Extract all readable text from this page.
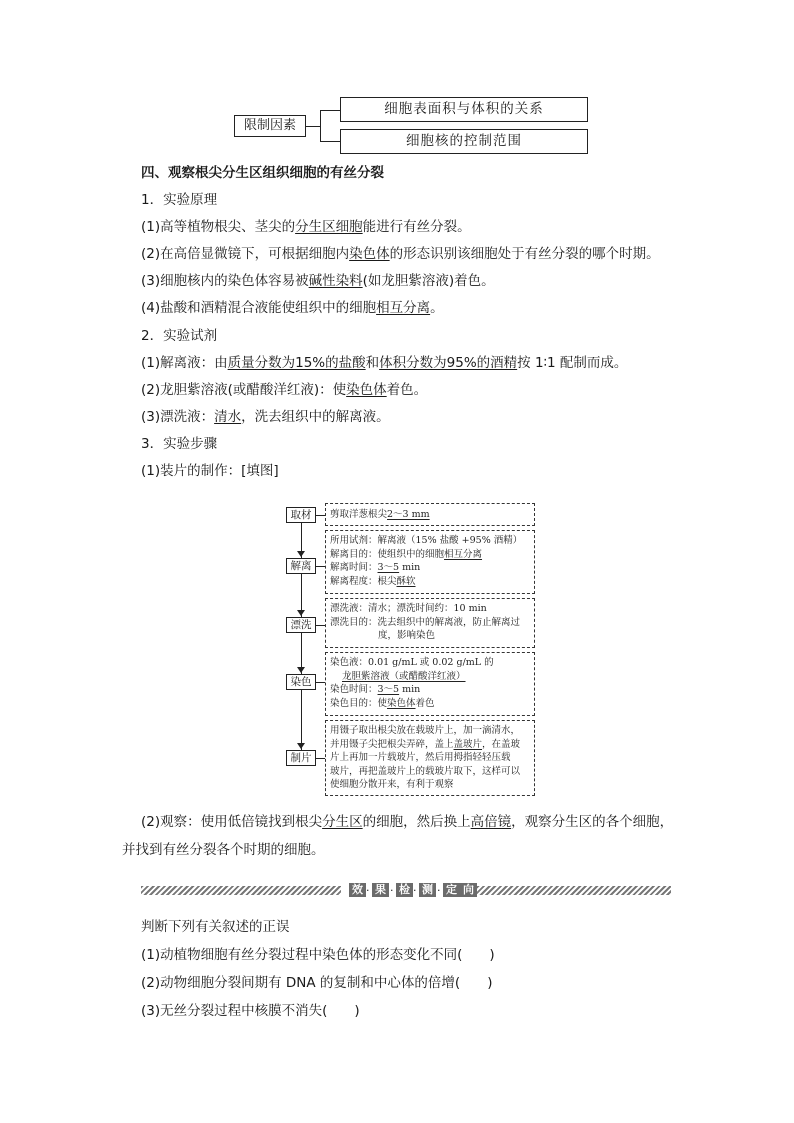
限制因素
细胞表面积与体积的关系
细胞核的控制范围
四、观察根尖分生区组织细胞的有丝分裂
1．实验原理
(1)高等植物根尖、茎尖的分生区细胞能进行有丝分裂。
(2)在高倍显微镜下，可根据细胞内染色体的形态识别该细胞处于有丝分裂的哪个时期。
(3)细胞核内的染色体容易被碱性染料(如龙胆紫溶液)着色。
(4)盐酸和酒精混合液能使组织中的细胞相互分离。
2．实验试剂
(1)解离液：由质量分数为15%的盐酸和体积分数为95%的酒精按 1∶1 配制而成。
(2)龙胆紫溶液(或醋酸洋红液)：使染色体着色。
(3)漂洗液：清水，洗去组织中的解离液。
3．实验步骤
(1)装片的制作：[填图]
取材
解离
漂洗
染色
制片
剪取洋葱根尖2～3 mm
所用试剂：解离液（15% 盐酸 +95% 酒精）
解离目的：使组织中的细胞相互分离
解离时间：3～5 min
解离程度：根尖酥软
漂洗液：清水；漂洗时间约：10 min
漂洗目的：洗去组织中的解离液，防止解离过
度，影响染色
染色液：0.01 g/mL 或 0.02 g/mL 的
龙胆紫溶液（或醋酸洋红液）
染色时间：3～5 min
染色目的：使染色体着色
用镊子取出根尖放在载玻片上，加一滴清水，
并用镊子尖把根尖弄碎，盖上盖玻片，在盖玻
片上再加一片载玻片，然后用拇指轻轻压载
玻片，再把盖玻片上的载玻片取下，这样可以
使细胞分散开来，有利于观察
(2)观察：使用低倍镜找到根尖分生区的细胞，然后换上高倍镜，观察分生区的各个细胞，
并找到有丝分裂各个时期的细胞。
效 · 果 · 检 · 测 · 定 向
判断下列有关叙述的正误
(1)动植物细胞有丝分裂过程中染色体的形态变化不同(　　)
(2)动物细胞分裂间期有 DNA 的复制和中心体的倍增(　　)
(3)无丝分裂过程中核膜不消失(　　)
